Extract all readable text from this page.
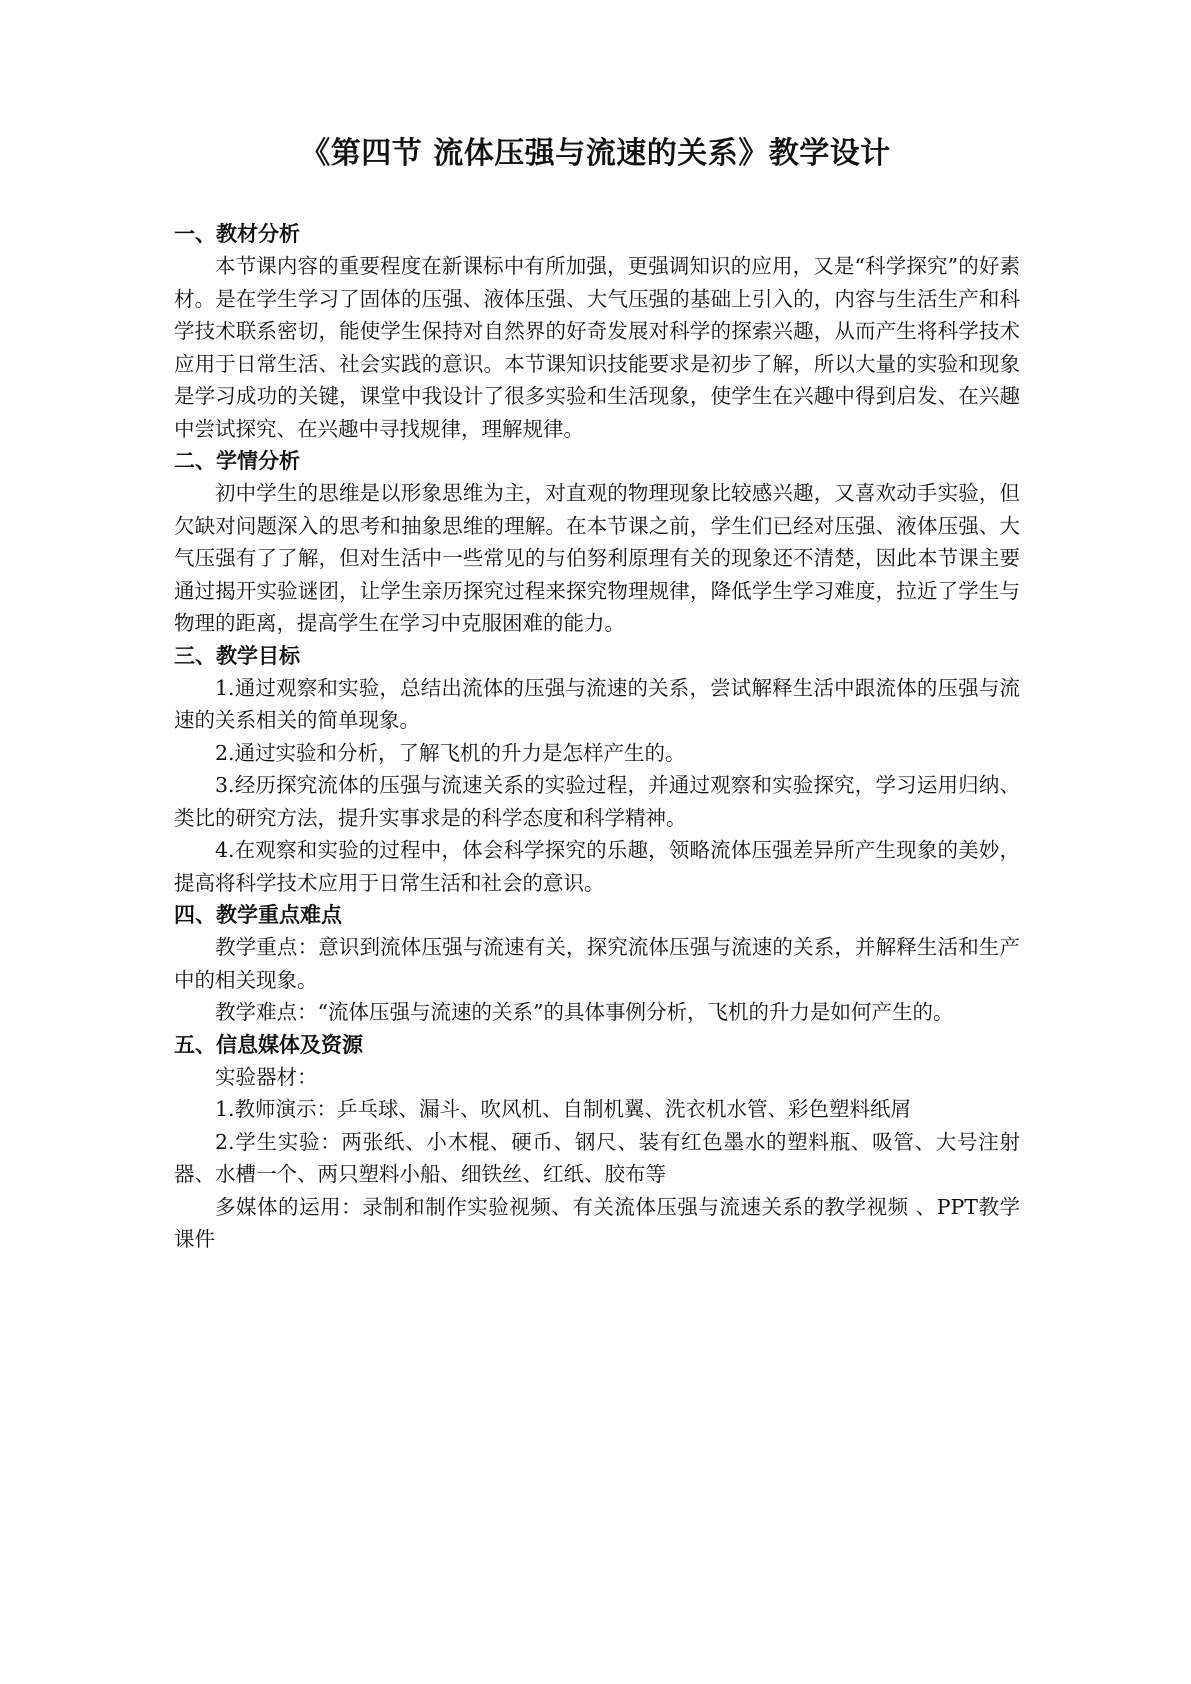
《第四节 流体压强与流速的关系》教学设计
一、教材分析

本节课内容的重要程度在新课标中有所加强，更强调知识的应用，又是“科学探究”的好素材。是在学生学习了固体的压强、液体压强、大气压强的基础上引入的，内容与生活生产和科学技术联系密切，能使学生保持对自然界的好奇发展对科学的探索兴趣，从而产生将科学技术应用于日常生活、社会实践的意识。本节课知识技能要求是初步了解，所以大量的实验和现象是学习成功的关键，课堂中我设计了很多实验和生活现象，使学生在兴趣中得到启发、在兴趣中尝试探究、在兴趣中寻找规律，理解规律。

二、学情分析

初中学生的思维是以形象思维为主，对直观的物理现象比较感兴趣，又喜欢动手实验，但欠缺对问题深入的思考和抽象思维的理解。在本节课之前，学生们已经对压强、液体压强、大气压强有了了解，但对生活中一些常见的与伯努利原理有关的现象还不清楚，因此本节课主要通过揭开实验谜团，让学生亲历探究过程来探究物理规律，降低学生学习难度，拉近了学生与物理的距离，提高学生在学习中克服困难的能力。

三、教学目标

1.通过观察和实验，总结出流体的压强与流速的关系，尝试解释生活中跟流体的压强与流速的关系相关的简单现象。

2.通过实验和分析，了解飞机的升力是怎样产生的。

3.经历探究流体的压强与流速关系的实验过程，并通过观察和实验探究，学习运用归纳、类比的研究方法，提升实事求是的科学态度和科学精神。

4.在观察和实验的过程中，体会科学探究的乐趣，领略流体压强差异所产生现象的美妙，提高将科学技术应用于日常生活和社会的意识。

四、教学重点难点

教学重点：意识到流体压强与流速有关，探究流体压强与流速的关系，并解释生活和生产中的相关现象。

教学难点：“流体压强与流速的关系”的具体事例分析，飞机的升力是如何产生的。

五、信息媒体及资源

实验器材：

1.教师演示：乒乓球、漏斗、吹风机、自制机翼、洗衣机水管、彩色塑料纸屑

2.学生实验：两张纸、小木棍、硬币、钢尺、装有红色墨水的塑料瓶、吸管、大号注射器、水槽一个、两只塑料小船、细铁丝、红纸、胶布等

多媒体的运用：录制和制作实验视频、有关流体压强与流速关系的教学视频 、PPT教学课件
